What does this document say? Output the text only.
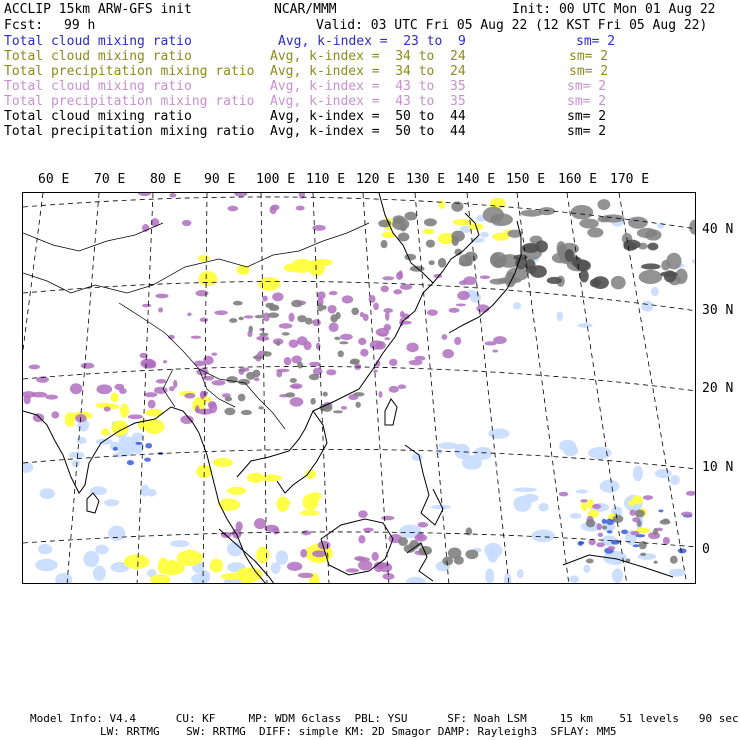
ACCLIP 15km ARW-GFS init	NCAR/MMM	Init: 00 UTC Mon 01 Aug 22
Fcst: 99 h	Valid: 03 UTC Fri 05 Aug 22 (12 KST Fri 05 Aug 22)
Total cloud mixing ratio	Avg, k-index =  23 to  9	sm= 2
Total cloud mixing ratio	Avg, k-index =  34 to  24	sm= 2
Total precipitation mixing ratio Avg, k-index =  34 to  24	sm= 2
Total cloud mixing ratio	Avg, k-index =  43 to  35	sm= 2
Total precipitation mixing ratio Avg, k-index =  43 to  35	sm= 2
Total cloud mixing ratio	Avg, k-index =  50 to  44	sm= 2
Total precipitation mixing ratio Avg, k-index =  50 to  44	sm= 2
60 E 70 E 80 E 90 E 100 E 110 E 120 E 130 E 140 E 150 E 160 E 170 E
40 N
30 N
20 N
10 N
0
Model Info: V4.4      CU: KF     MP: WDM 6class  PBL: YSU      SF: Noah LSM     15 km    51 levels   90 sec
LW: RRTMG    SW: RRTMG  DIFF: simple KM: 2D Smagor DAMP: Rayleigh3  SFLAY: MM5
